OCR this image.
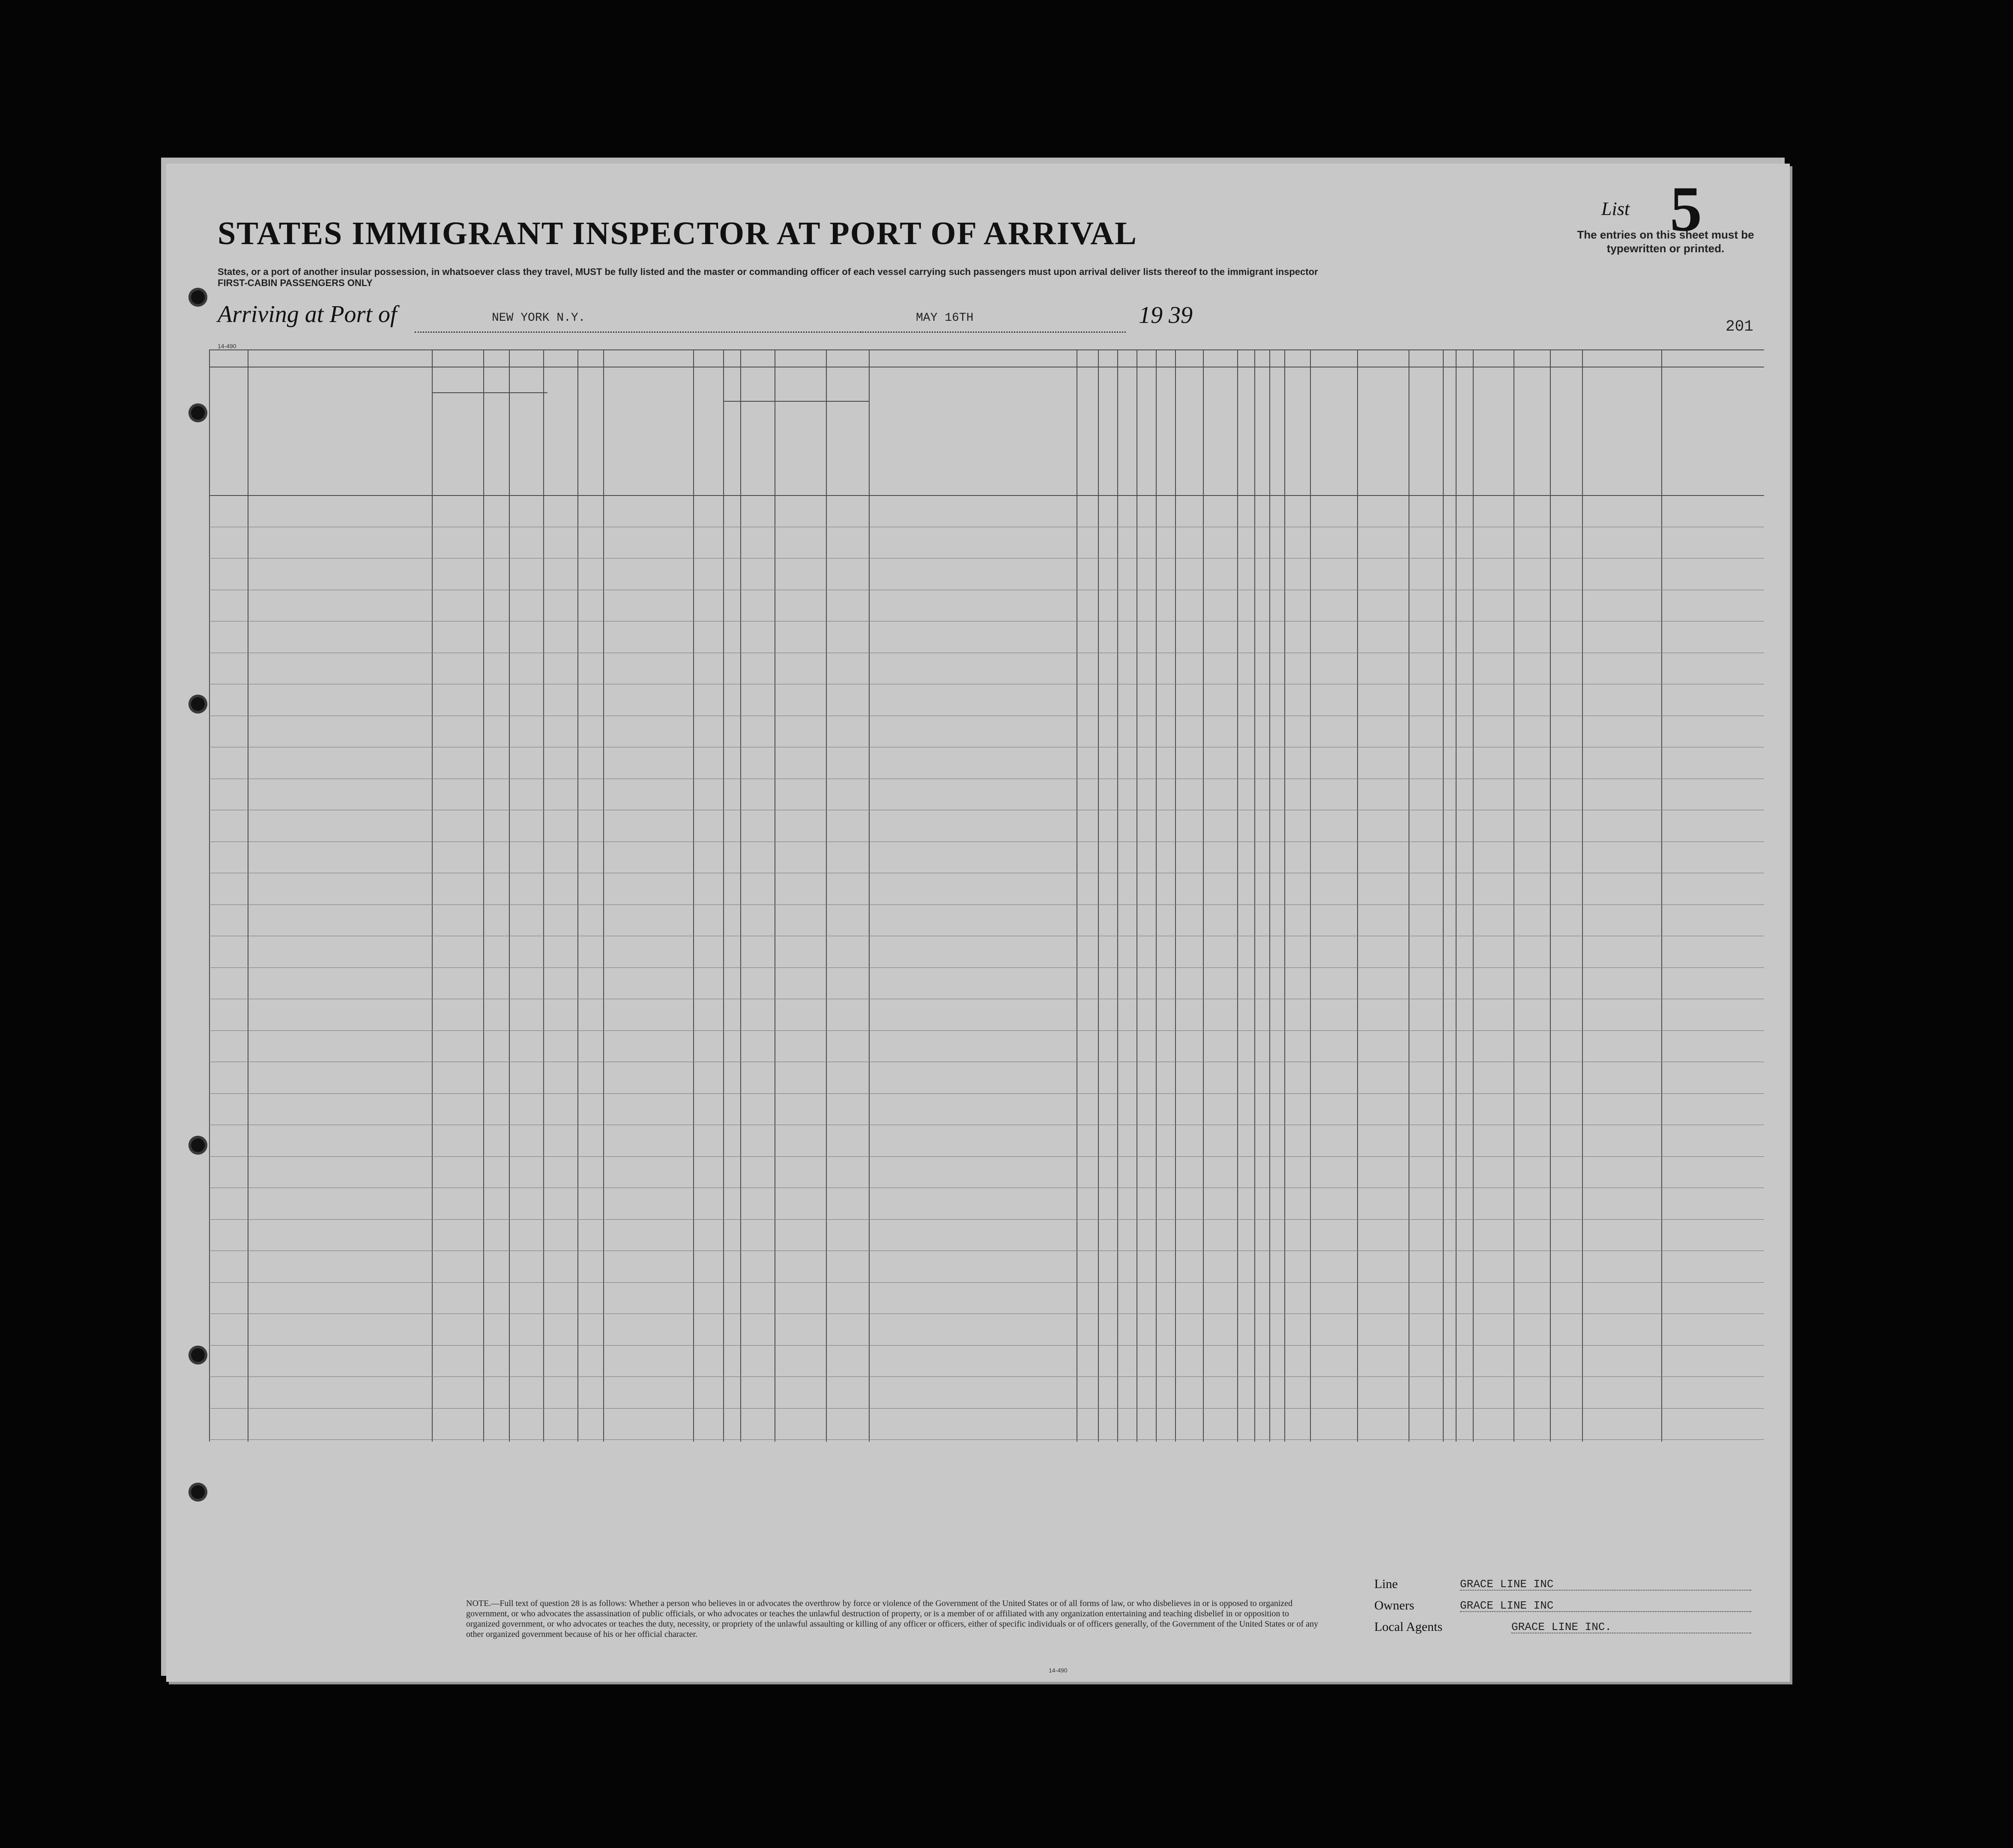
STATES IMMIGRANT INSPECTOR AT PORT OF ARRIVAL
States, or a port of another insular possession, in whatsoever class they travel, MUST be fully listed and the master or commanding officer of each vessel carrying such passengers must upon arrival deliver lists thereof to the immigrant inspector
FIRST-CABIN PASSENGERS ONLY
List 5
The entries on this sheet must be typewritten or printed.
Arriving at Port of	NEW YORK N.Y.	MAY 16TH	19 39	201
14-490
NOTE.—Full text of question 28 is as follows: Whether a person who believes in or advocates the overthrow by force or violence of the Government of the United States or of all forms of law, or who disbelieves in or is opposed to organized government, or who advocates the assassination of public officials, or who advocates or teaches the unlawful destruction of property, or is a member of or affiliated with any organization entertaining and teaching disbelief in or opposition to organized government, or who advocates or teaches the duty, necessity, or propriety of the unlawful assaulting or killing of any officer or officers, either of specific individuals or of officers generally, of the Government of the United States or of any other organized government because of his or her official character.
14-490
Line	GRACE LINE INC
Owners	GRACE LINE INC
Local Agents	GRACE LINE INC.
